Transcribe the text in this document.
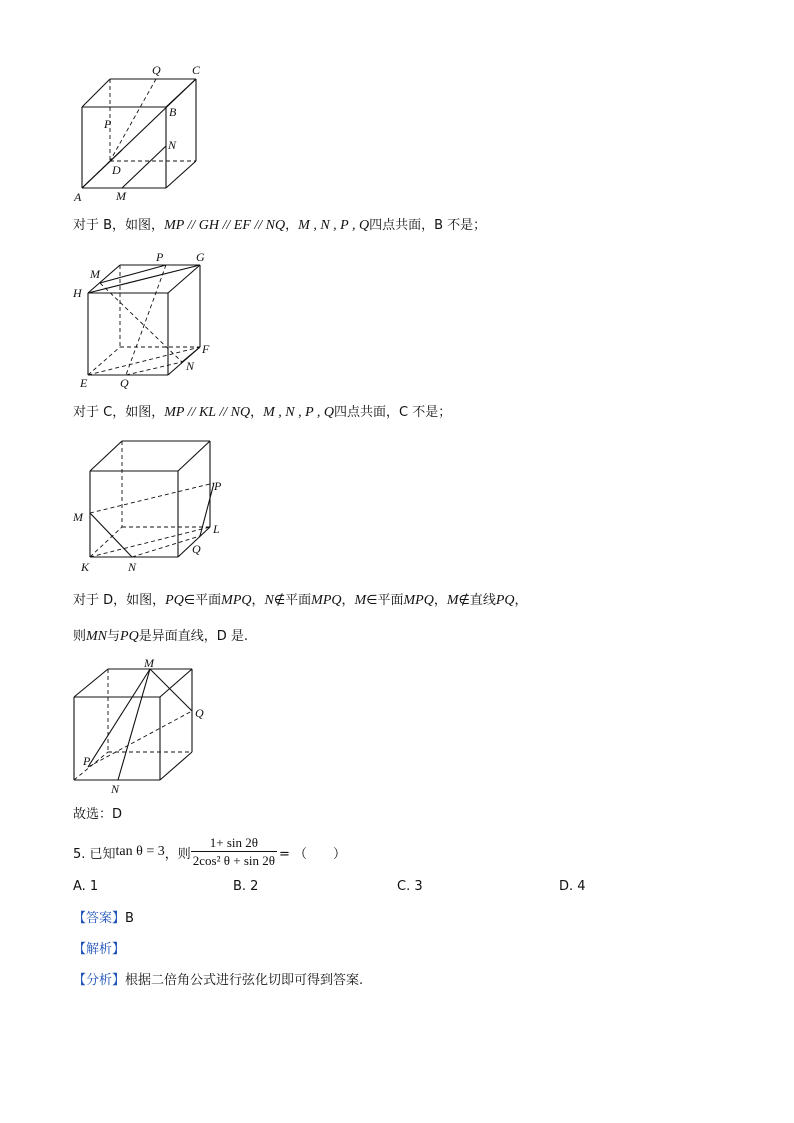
Q	C
P
B
N
D
A	M
对于 B，如图，MP // GH // EF // NQ，M , N , P , Q四点共面，B 不是；
M
P	G
H
F
N
E	Q
对于 C，如图，MP // KL // NQ，M , N , P , Q四点共面，C 不是；
P
M
L
Q
K	N
对于 D，如图，PQ∈平面MPQ，N∉平面MPQ，M∈平面MPQ，M∉直线PQ，
则MN与PQ是异面直线，D 是.
M
Q
P
N
故选：D
5. 已知 tan θ = 3 ，则 $\frac{1+ \sin 2\theta}{\text{2cos² θ + sin 2θ}}$ = （　　）
A. 1	B. 2	C. 3	D. 4
【答案】B
【解析】
【分析】根据二倍角公式进行弦化切即可得到答案.
